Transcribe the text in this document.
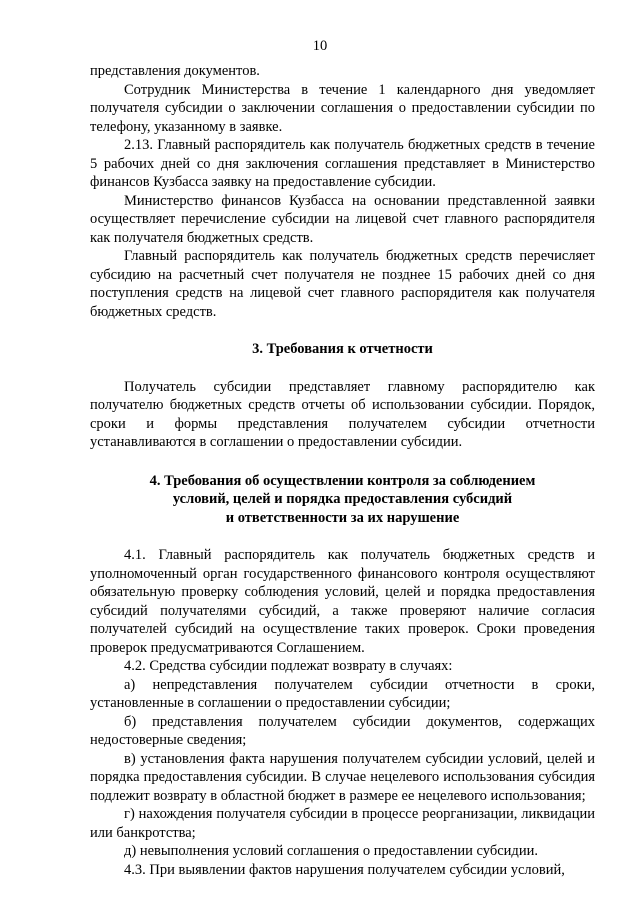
10

представления документов.

Сотрудник Министерства в течение 1 календарного дня уведомляет получателя субсидии о заключении соглашения о предоставлении субсидии по телефону, указанному в заявке.

2.13. Главный распорядитель как получатель бюджетных средств в течение 5 рабочих дней со дня заключения соглашения представляет в Министерство финансов Кузбасса заявку на предоставление субсидии.

Министерство финансов Кузбасса на основании представленной заявки осуществляет перечисление субсидии на лицевой счет главного распорядителя как получателя бюджетных средств.

Главный распорядитель как получатель бюджетных средств перечисляет субсидию на расчетный счет получателя не позднее 15 рабочих дней со дня поступления средств на лицевой счет главного распорядителя как получателя бюджетных средств.

3. Требования к отчетности

Получатель субсидии представляет главному распорядителю как получателю бюджетных средств отчеты об использовании субсидии. Порядок, сроки и формы представления получателем субсидии отчетности устанавливаются в соглашении о предоставлении субсидии.

4. Требования об осуществлении контроля за соблюдением
условий, целей и порядка предоставления субсидий
и ответственности за их нарушение

4.1. Главный распорядитель как получатель бюджетных средств и уполномоченный орган государственного финансового контроля осуществляют обязательную проверку соблюдения условий, целей и порядка предоставления субсидий получателями субсидий, а также проверяют наличие согласия получателей субсидий на осуществление таких проверок. Сроки проведения проверок предусматриваются Соглашением.

4.2. Средства субсидии подлежат возврату в случаях:

а) непредставления получателем субсидии отчетности в сроки, установленные в соглашении о предоставлении субсидии;

б) представления получателем субсидии документов, содержащих недостоверные сведения;

в) установления факта нарушения получателем субсидии условий, целей и порядка предоставления субсидии. В случае нецелевого использования субсидия подлежит возврату в областной бюджет в размере ее нецелевого использования;

г) нахождения получателя субсидии в процессе реорганизации, ликвидации или банкротства;

д) невыполнения условий соглашения о предоставлении субсидии.

4.3. При выявлении фактов нарушения получателем субсидии условий,
